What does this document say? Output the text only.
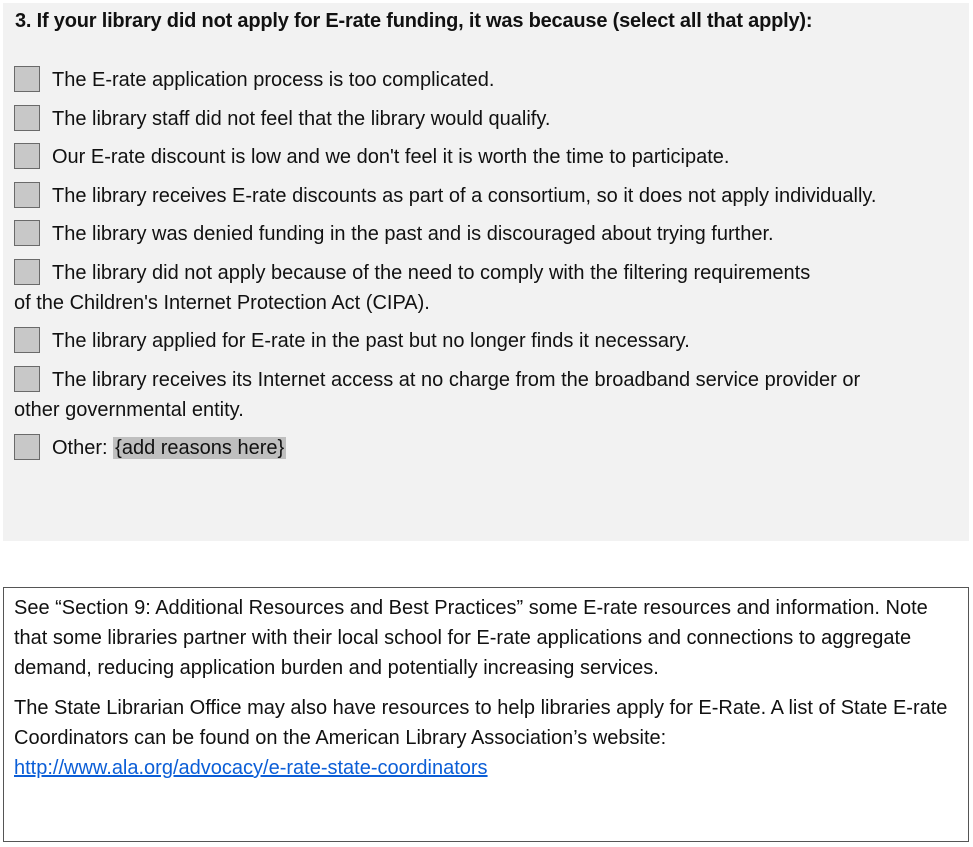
3. If your library did not apply for E-rate funding, it was because (select all that apply):
The E-rate application process is too complicated.
The library staff did not feel that the library would qualify.
Our E-rate discount is low and we don't feel it is worth the time to participate.
The library receives E-rate discounts as part of a consortium, so it does not apply individually.
The library was denied funding in the past and is discouraged about trying further.
The library did not apply because of the need to comply with the filtering requirements of the Children's Internet Protection Act (CIPA).
The library applied for E-rate in the past but no longer finds it necessary.
The library receives its Internet access at no charge from the broadband service provider or other governmental entity.
Other: {add reasons here}

See “Section 9: Additional Resources and Best Practices” some E-rate resources and information. Note that some libraries partner with their local school for E-rate applications and connections to aggregate demand, reducing application burden and potentially increasing services.

The State Librarian Office may also have resources to help libraries apply for E-Rate. A list of State E-rate Coordinators can be found on the American Library Association’s website:
http://www.ala.org/advocacy/e-rate-state-coordinators
